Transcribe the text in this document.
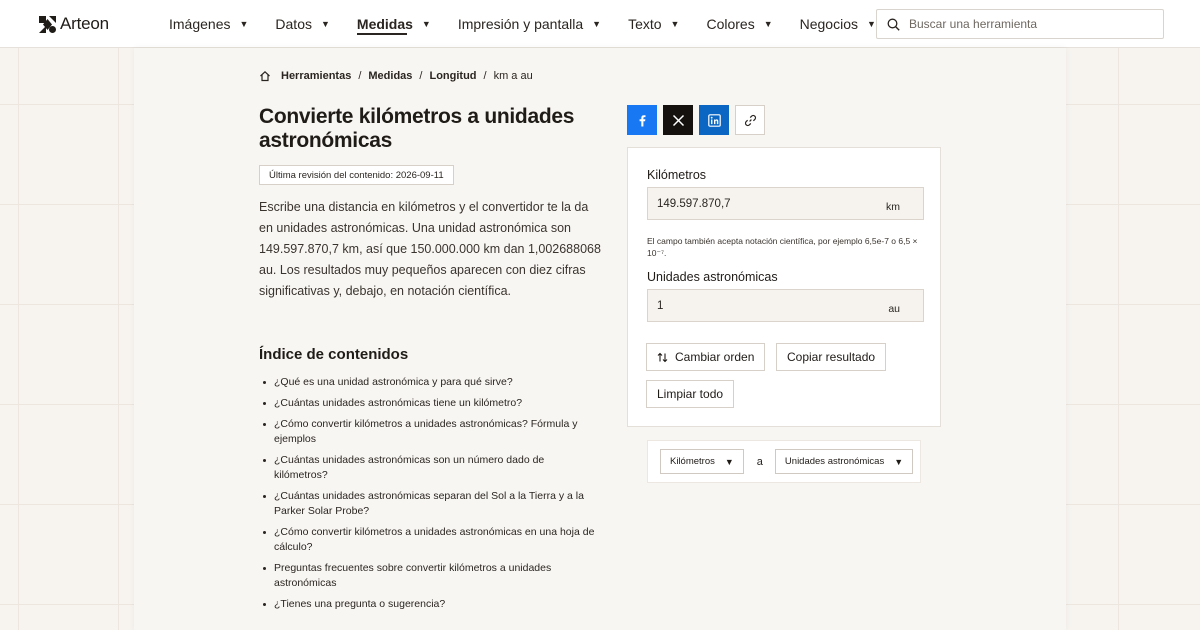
Arteon	Imágenes ▼ Datos ▼ Medidas ▼ Impresión y pantalla ▼ Texto ▼ Colores ▼ Negocios ▼
Buscar una herramienta
Herramientas / Medidas / Longitud / km a au
Convierte kilómetros a unidades astronómicas
Última revisión del contenido: 2026-09-11

Escribe una distancia en kilómetros y el convertidor te la da en unidades astronómicas. Una unidad astronómica son 149.597.870,7 km, así que 150.000.000 km dan 1,002688068 au. Los resultados muy pequeños aparecen con diez cifras significativas y, debajo, en notación científica.

Índice de contenidos
¿Qué es una unidad astronómica y para qué sirve?
¿Cuántas unidades astronómicas tiene un kilómetro?
¿Cómo convertir kilómetros a unidades astronómicas? Fórmula y ejemplos
¿Cuántas unidades astronómicas son un número dado de kilómetros?
¿Cuántas unidades astronómicas separan del Sol a la Tierra y a la Parker Solar Probe?
¿Cómo convertir kilómetros a unidades astronómicas en una hoja de cálculo?
Preguntas frecuentes sobre convertir kilómetros a unidades astronómicas
¿Tienes una pregunta o sugerencia?
Kilómetros
149.597.870,7
km

El campo también acepta notación científica, por ejemplo 6,5e-7 o 6,5 × 10⁻⁷.

Unidades astronómicas
1
au
Cambiar orden	Copiar resultado
Limpiar todo
Kilómetros ▼ a Unidades astronómicas ▼
